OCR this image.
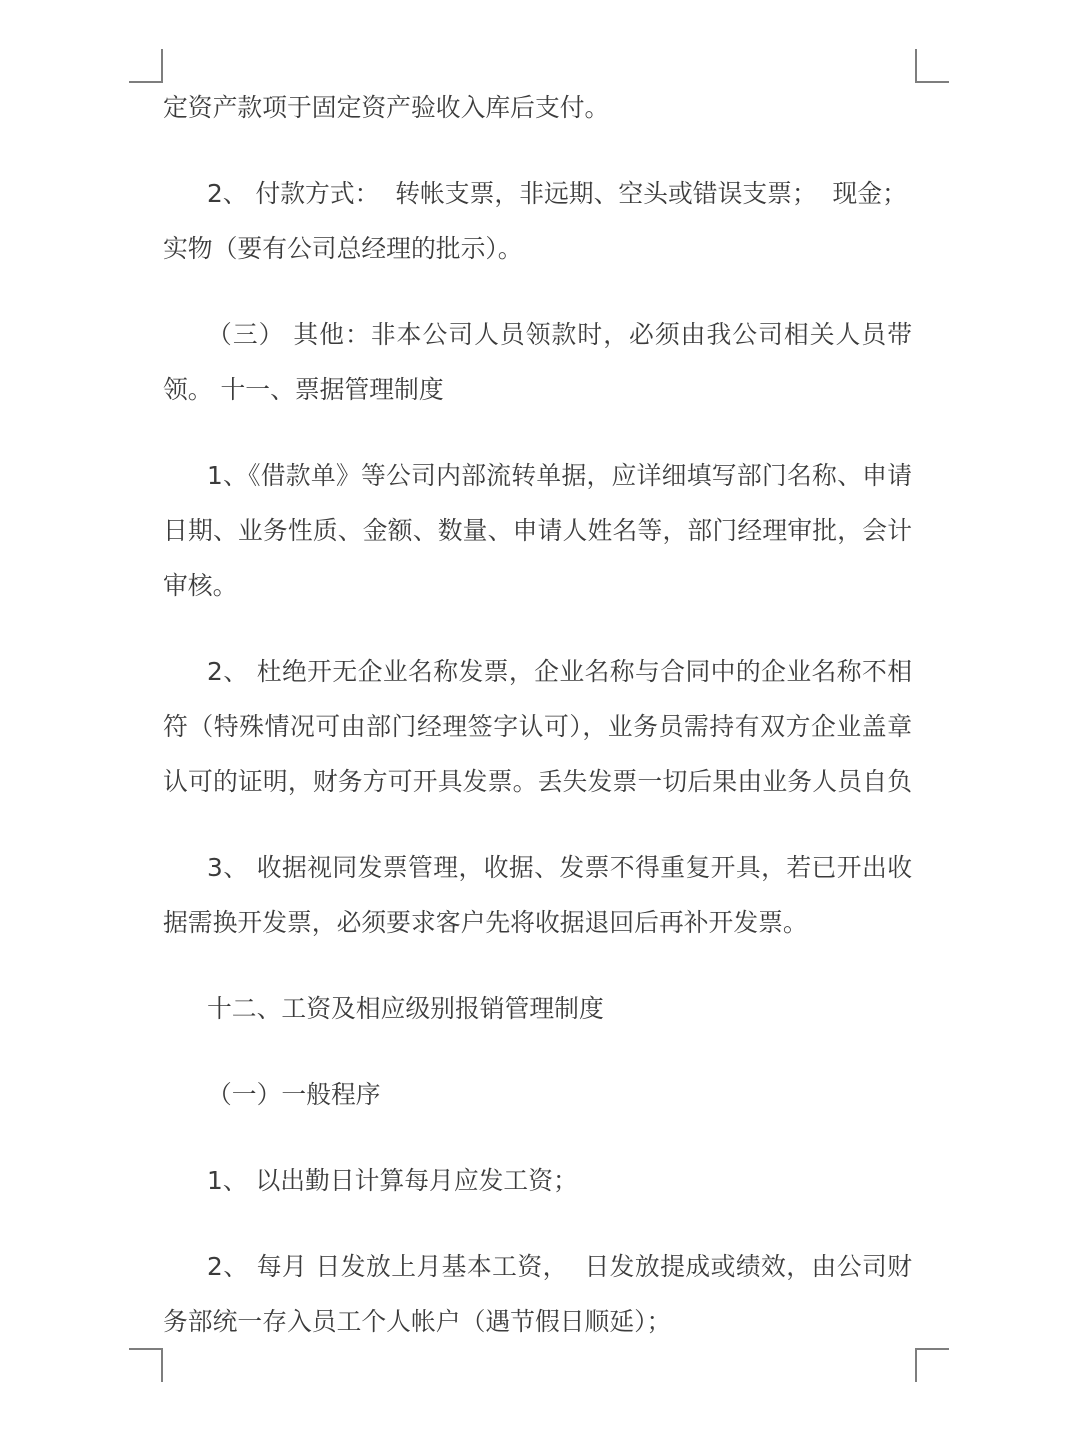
定资产款项于固定资产验收入库后支付。
2、 付款方式：  转帐支票，非远期、空头或错误支票；  现金；
实物（要有公司总经理的批示）。
（三） 其他：非本公司人员领款时，必须由我公司相关人员带
领。 十一、票据管理制度
1、《借款单》等公司内部流转单据，应详细填写部门名称、申请
日期、业务性质、金额、数量、申请人姓名等，部门经理审批，会计
审核。
2、 杜绝开无企业名称发票，企业名称与合同中的企业名称不相
符（特殊情况可由部门经理签字认可），业务员需持有双方企业盖章
认可的证明，财务方可开具发票。丢失发票一切后果由业务人员自负
3、 收据视同发票管理，收据、发票不得重复开具，若已开出收
据需换开发票，必须要求客户先将收据退回后再补开发票。
十二、工资及相应级别报销管理制度
（一）一般程序
1、 以出勤日计算每月应发工资；
2、 每月 日发放上月基本工资，  日发放提成或绩效，由公司财
务部统一存入员工个人帐户（遇节假日顺延）；
